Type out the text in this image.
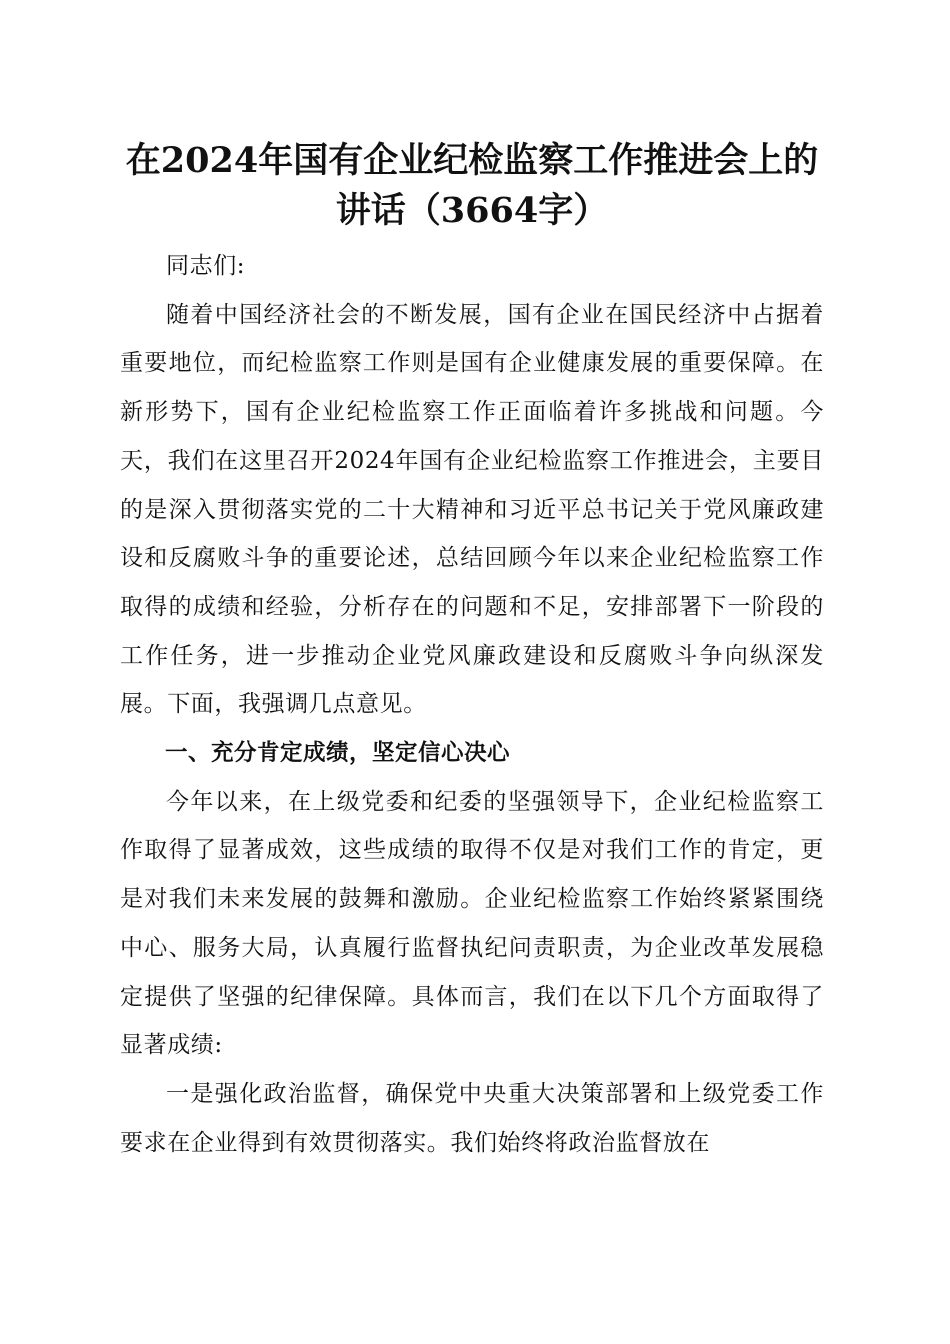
在2024年国有企业纪检监察工作推进会上的
讲话（3664字）

同志们:

随着中国经济社会的不断发展，国有企业在国民经济中占据着重要地位，而纪检监察工作则是国有企业健康发展的重要保障。在新形势下，国有企业纪检监察工作正面临着许多挑战和问题。今天，我们在这里召开2024年国有企业纪检监察工作推进会，主要目的是深入贯彻落实党的二十大精神和习近平总书记关于党风廉政建设和反腐败斗争的重要论述，总结回顾今年以来企业纪检监察工作取得的成绩和经验，分析存在的问题和不足，安排部署下一阶段的工作任务，进一步推动企业党风廉政建设和反腐败斗争向纵深发展。下面，我强调几点意见。

一、充分肯定成绩，坚定信心决心

今年以来，在上级党委和纪委的坚强领导下，企业纪检监察工作取得了显著成效，这些成绩的取得不仅是对我们工作的肯定，更是对我们未来发展的鼓舞和激励。企业纪检监察工作始终紧紧围绕中心、服务大局，认真履行监督执纪问责职责，为企业改革发展稳定提供了坚强的纪律保障。具体而言，我们在以下几个方面取得了显著成绩:

一是强化政治监督，确保党中央重大决策部署和上级党委工作要求在企业得到有效贯彻落实。我们始终将政治监督放在
